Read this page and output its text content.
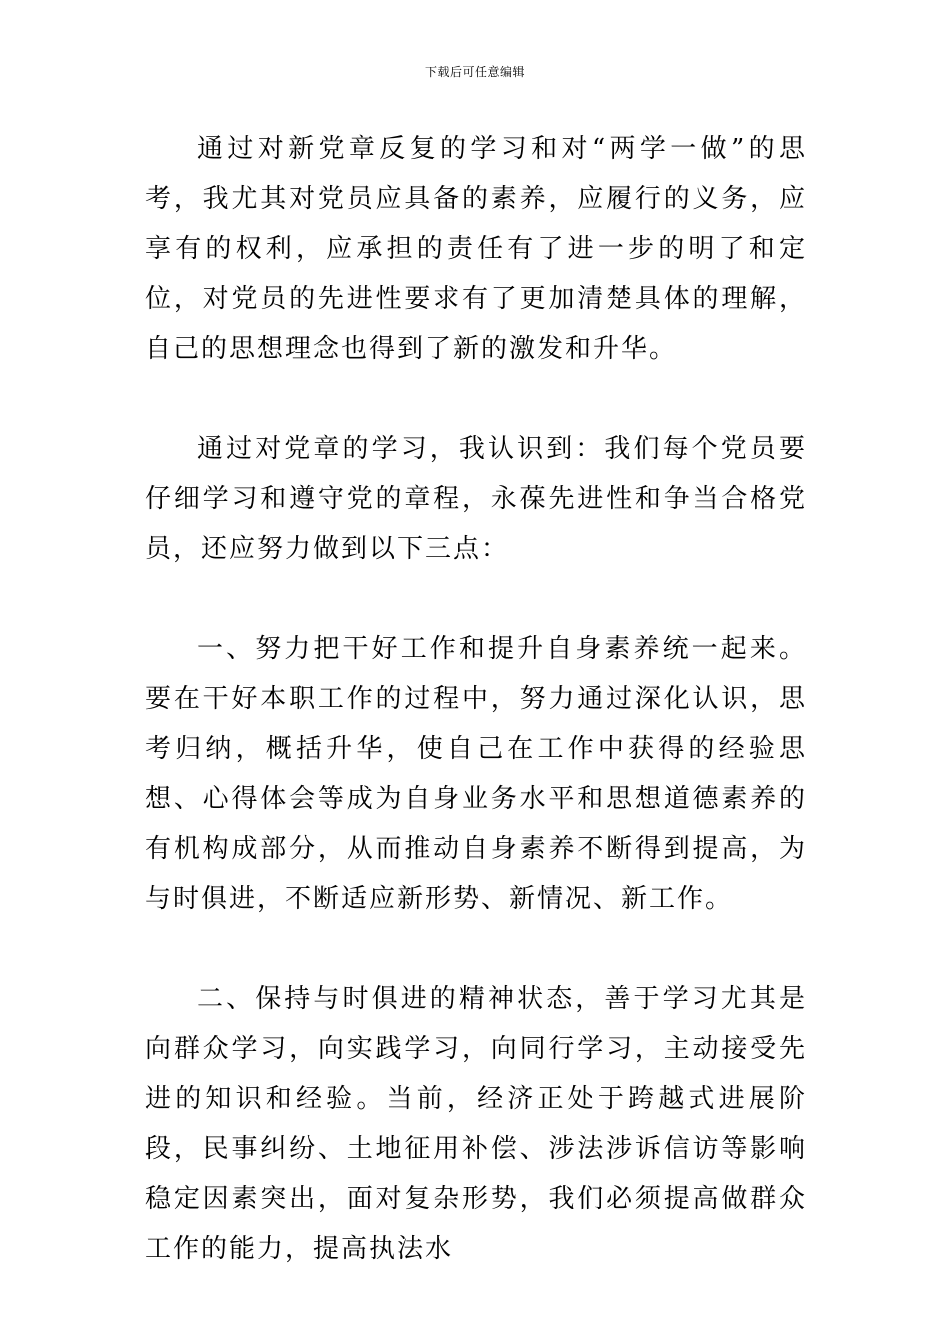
下载后可任意编辑

通过对新党章反复的学习和对“两学一做”的思考，我尤其对党员应具备的素养，应履行的义务，应享有的权利，应承担的责任有了进一步的明了和定位，对党员的先进性要求有了更加清楚具体的理解，自己的思想理念也得到了新的激发和升华。

通过对党章的学习，我认识到：我们每个党员要仔细学习和遵守党的章程，永葆先进性和争当合格党员，还应努力做到以下三点：

一、努力把干好工作和提升自身素养统一起来。要在干好本职工作的过程中，努力通过深化认识，思考归纳，概括升华，使自己在工作中获得的经验思想、心得体会等成为自身业务水平和思想道德素养的有机构成部分，从而推动自身素养不断得到提高，为与时俱进，不断适应新形势、新情况、新工作。

二、保持与时俱进的精神状态，善于学习尤其是向群众学习，向实践学习，向同行学习，主动接受先进的知识和经验。当前，经济正处于跨越式进展阶段，民事纠纷、土地征用补偿、涉法涉诉信访等影响稳定因素突出，面对复杂形势，我们必须提高做群众工作的能力，提高执法水
